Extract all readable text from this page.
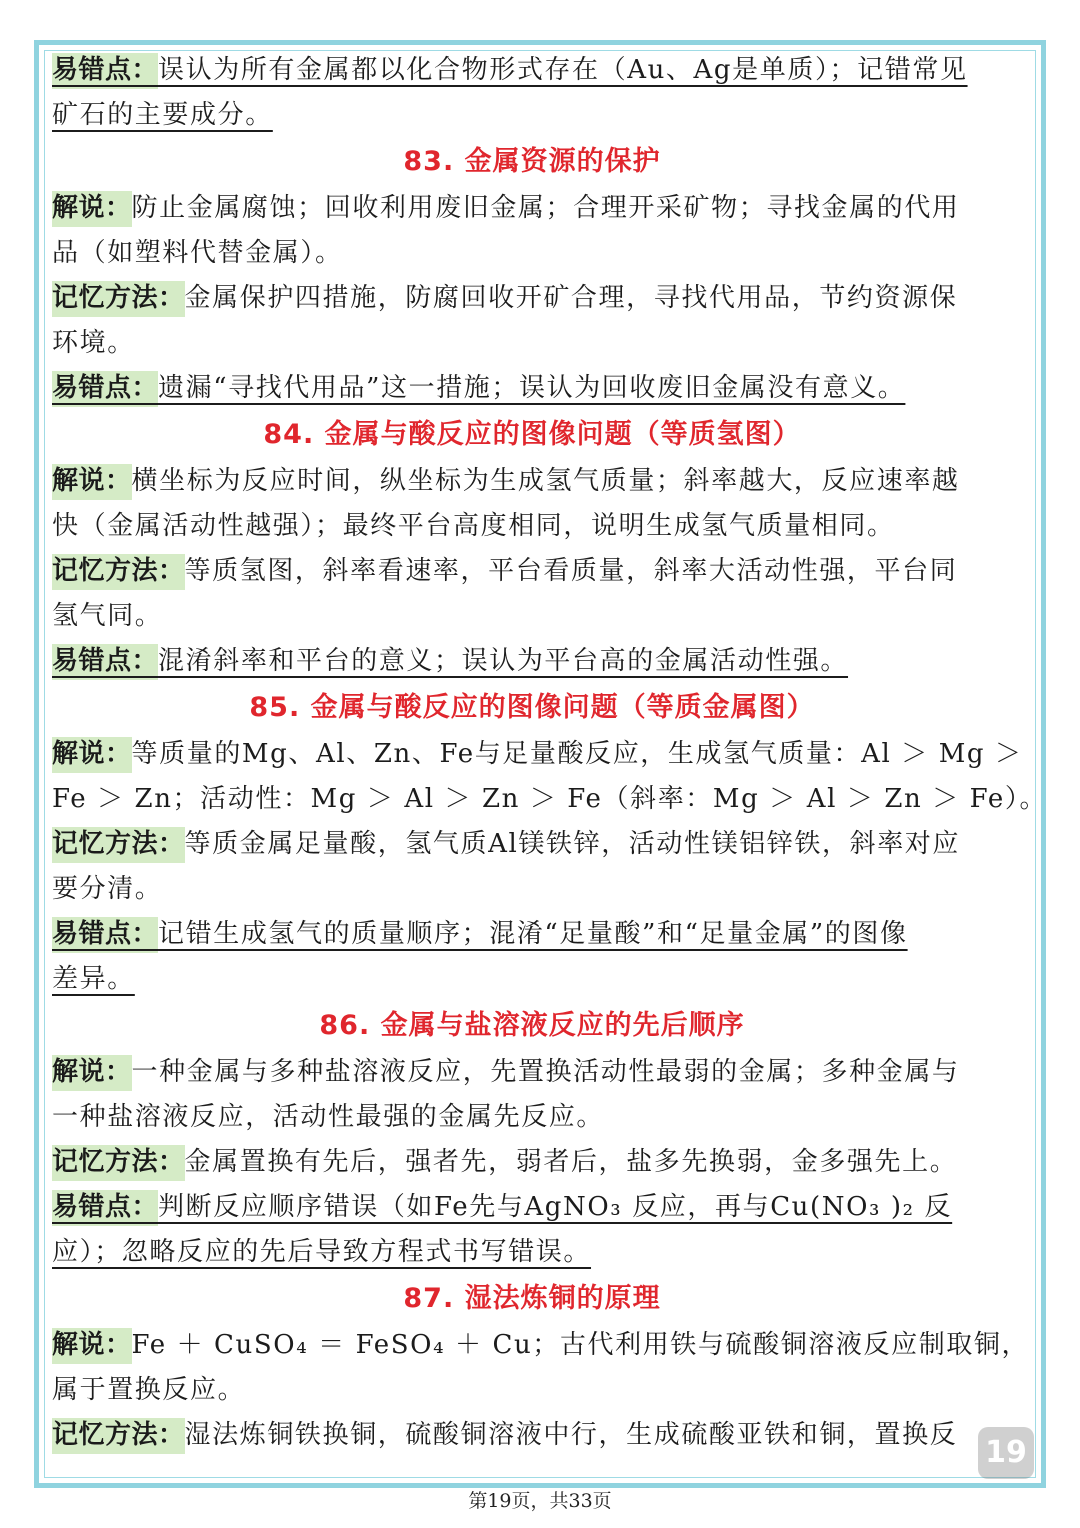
易错点：误认为所有金属都以化合物形式存在（Au、Ag是单质）；记错常见
矿石的主要成分。
83. 金属资源的保护
解说：防止金属腐蚀；回收利用废旧金属；合理开采矿物；寻找金属的代用
品（如塑料代替金属）。
记忆方法：金属保护四措施，防腐回收开矿合理，寻找代用品，节约资源保
环境。
易错点：遗漏“寻找代用品”这一措施；误认为回收废旧金属没有意义。
84. 金属与酸反应的图像问题（等质氢图）
解说：横坐标为反应时间，纵坐标为生成氢气质量；斜率越大，反应速率越
快（金属活动性越强）；最终平台高度相同，说明生成氢气质量相同。
记忆方法：等质氢图，斜率看速率，平台看质量，斜率大活动性强，平台同
氢气同。
易错点：混淆斜率和平台的意义；误认为平台高的金属活动性强。
85. 金属与酸反应的图像问题（等质金属图）
解说：等质量的Mg、Al、Zn、Fe与足量酸反应，生成氢气质量：Al ＞ Mg ＞
Fe ＞ Zn；活动性：Mg ＞ Al ＞ Zn ＞ Fe（斜率：Mg ＞ Al ＞ Zn ＞ Fe）。
记忆方法：等质金属足量酸，氢气质Al镁铁锌，活动性镁铝锌铁，斜率对应
要分清。
易错点：记错生成氢气的质量顺序；混淆“足量酸”和“足量金属”的图像
差异。
86. 金属与盐溶液反应的先后顺序
解说：一种金属与多种盐溶液反应，先置换活动性最弱的金属；多种金属与
一种盐溶液反应，活动性最强的金属先反应。
记忆方法：金属置换有先后，强者先，弱者后，盐多先换弱，金多强先上。
易错点：判断反应顺序错误（如Fe先与AgNO₃ 反应，再与Cu(NO₃ )₂ 反
应）；忽略反应的先后导致方程式书写错误。
87. 湿法炼铜的原理
解说：Fe ＋ CuSO₄ ＝ FeSO₄ ＋ Cu；古代利用铁与硫酸铜溶液反应制取铜，
属于置换反应。
记忆方法：湿法炼铜铁换铜，硫酸铜溶液中行，生成硫酸亚铁和铜，置换反 19
第19页，共33页
